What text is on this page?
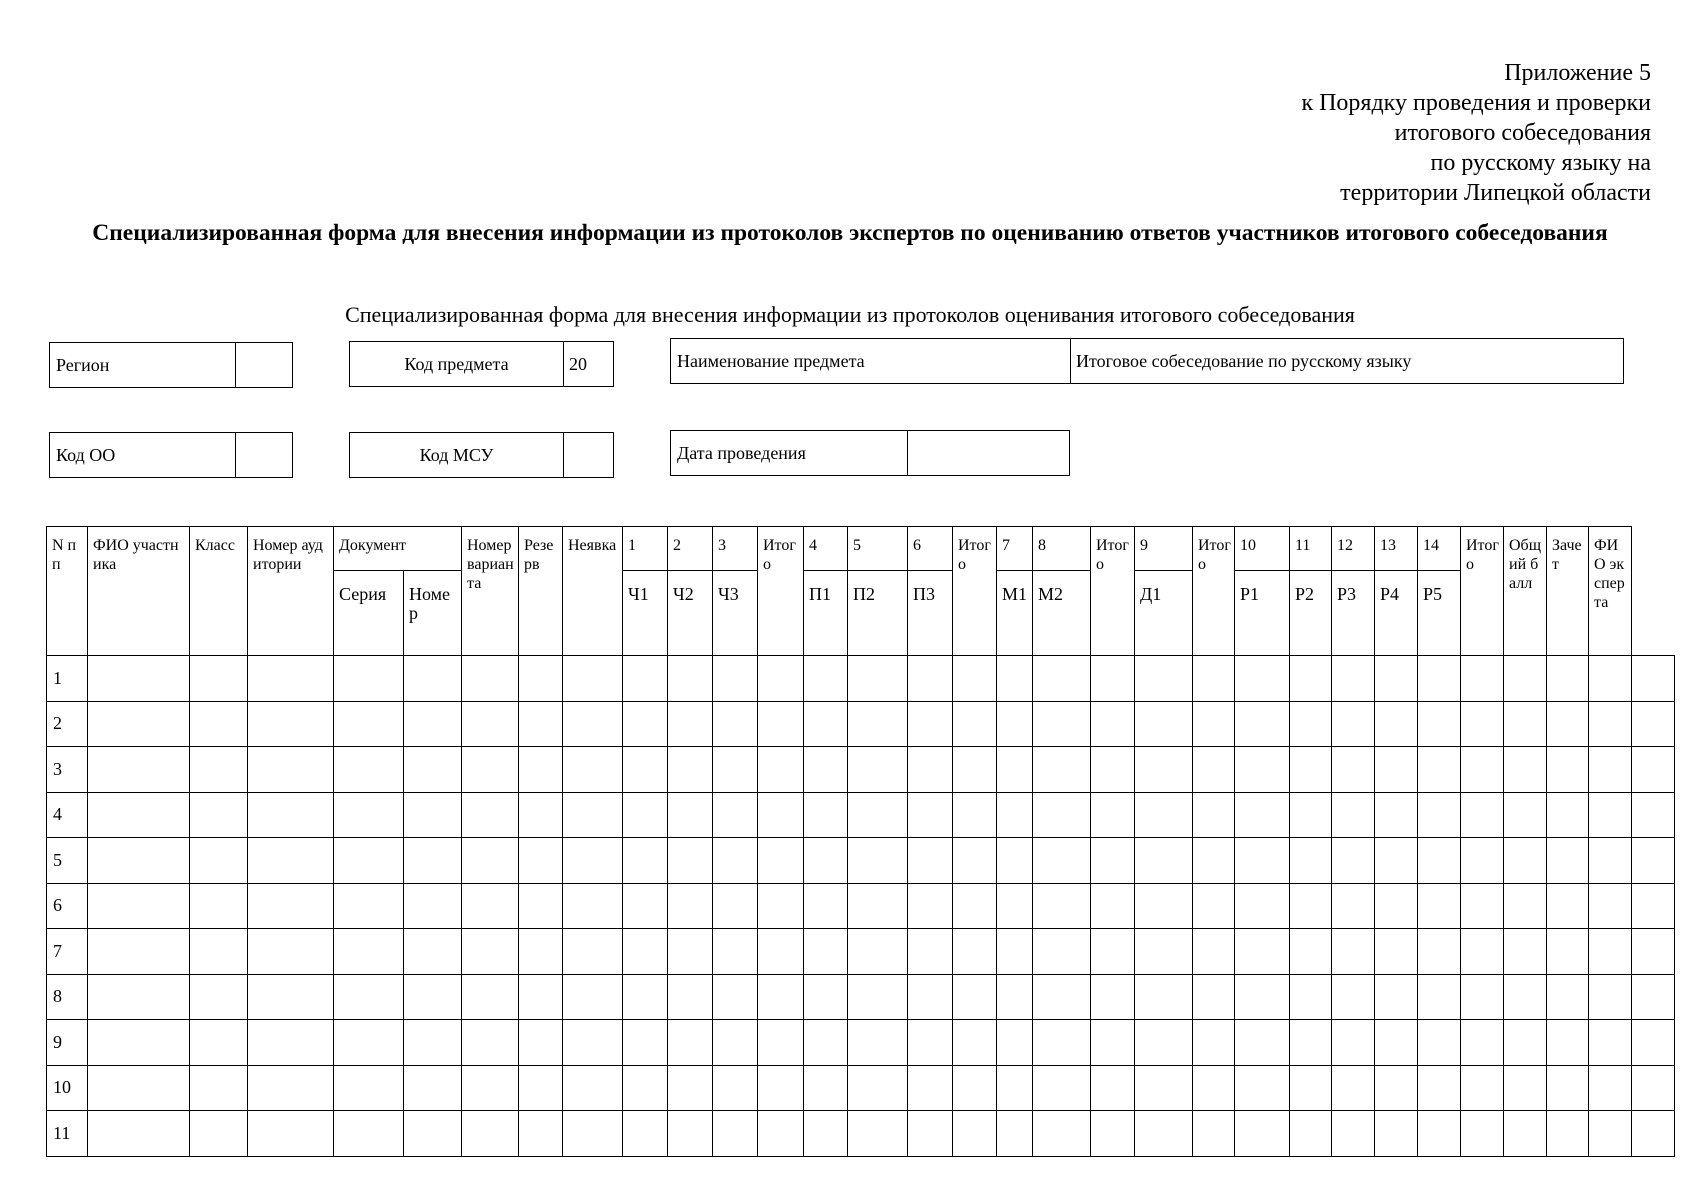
Приложение 5
к Порядку проведения и проверки
итогового собеседования
по русскому языку на
территории Липецкой области
Специализированная форма для внесения информации из протоколов экспертов по оцениванию ответов участников итогового собеседования
Специализированная форма для внесения информации из протоколов оценивания итогового собеседования
Регион	Код предмета	20	Наименование предмета	Итоговое собеседование по русскому языку
Код ОО	Код МСУ	Дата проведения
N пп	ФИО участника	Класс	Номер аудитории	Документ		Номер варианта	Резерв	Неявка	1	2	3	Итого	4	5	6	Итого	7	8	Итого	9	Итого	10	11	12	13	14	Итого	Общий балл	Зачет	ФИО эксперта	
				Серия	Номер				Ч1	Ч2	Ч3		П1	П2	П3		М1	М2		Д1		Р1	Р2	Р3	Р4	Р5					
1																															
2																															
3																															
4																															
5																															
6																															
7																															
8																															
9																															
10																															
11																															
